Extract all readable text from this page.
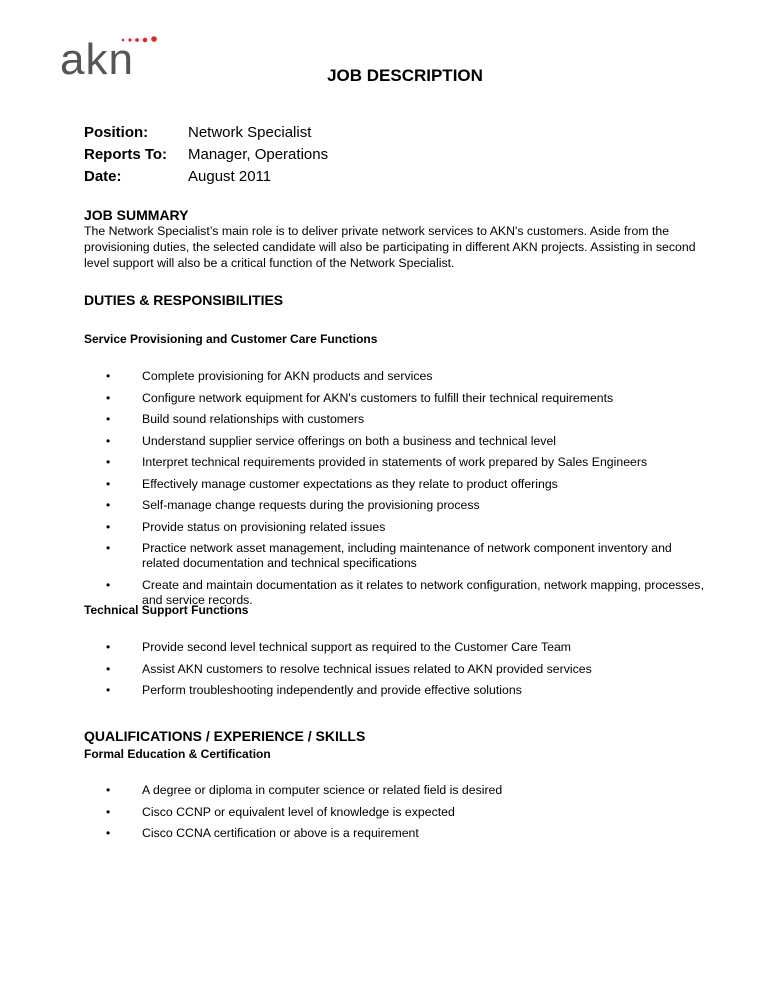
akn	JOB DESCRIPTION
Position:	Network Specialist
Reports To: Manager, Operations
Date:	August 2011
JOB SUMMARY
The Network Specialist’s main role is to deliver private network services to AKN's customers. Aside from the provisioning duties, the selected candidate will also be participating in different AKN projects. Assisting in second level support will also be a critical function of the Network Specialist.
DUTIES & RESPONSIBILITIES
Service Provisioning and Customer Care Functions
• Complete provisioning for AKN products and services
• Configure network equipment for AKN's customers to fulfill their technical requirements
• Build sound relationships with customers
• Understand supplier service offerings on both a business and technical level
• Interpret technical requirements provided in statements of work prepared by Sales Engineers
• Effectively manage customer expectations as they relate to product offerings
• Self-manage change requests during the provisioning process
• Provide status on provisioning related issues
• Practice network asset management, including maintenance of network component inventory and related documentation and technical specifications
• Create and maintain documentation as it relates to network configuration, network mapping, processes, and service records.
Technical Support Functions
• Provide second level technical support as required to the Customer Care Team
• Assist AKN customers to resolve technical issues related to AKN provided services
• Perform troubleshooting independently and provide effective solutions
QUALIFICATIONS / EXPERIENCE / SKILLS
Formal Education & Certification
• A degree or diploma in computer science or related field is desired
• Cisco CCNP or equivalent level of knowledge is expected
• Cisco CCNA certification or above is a requirement
